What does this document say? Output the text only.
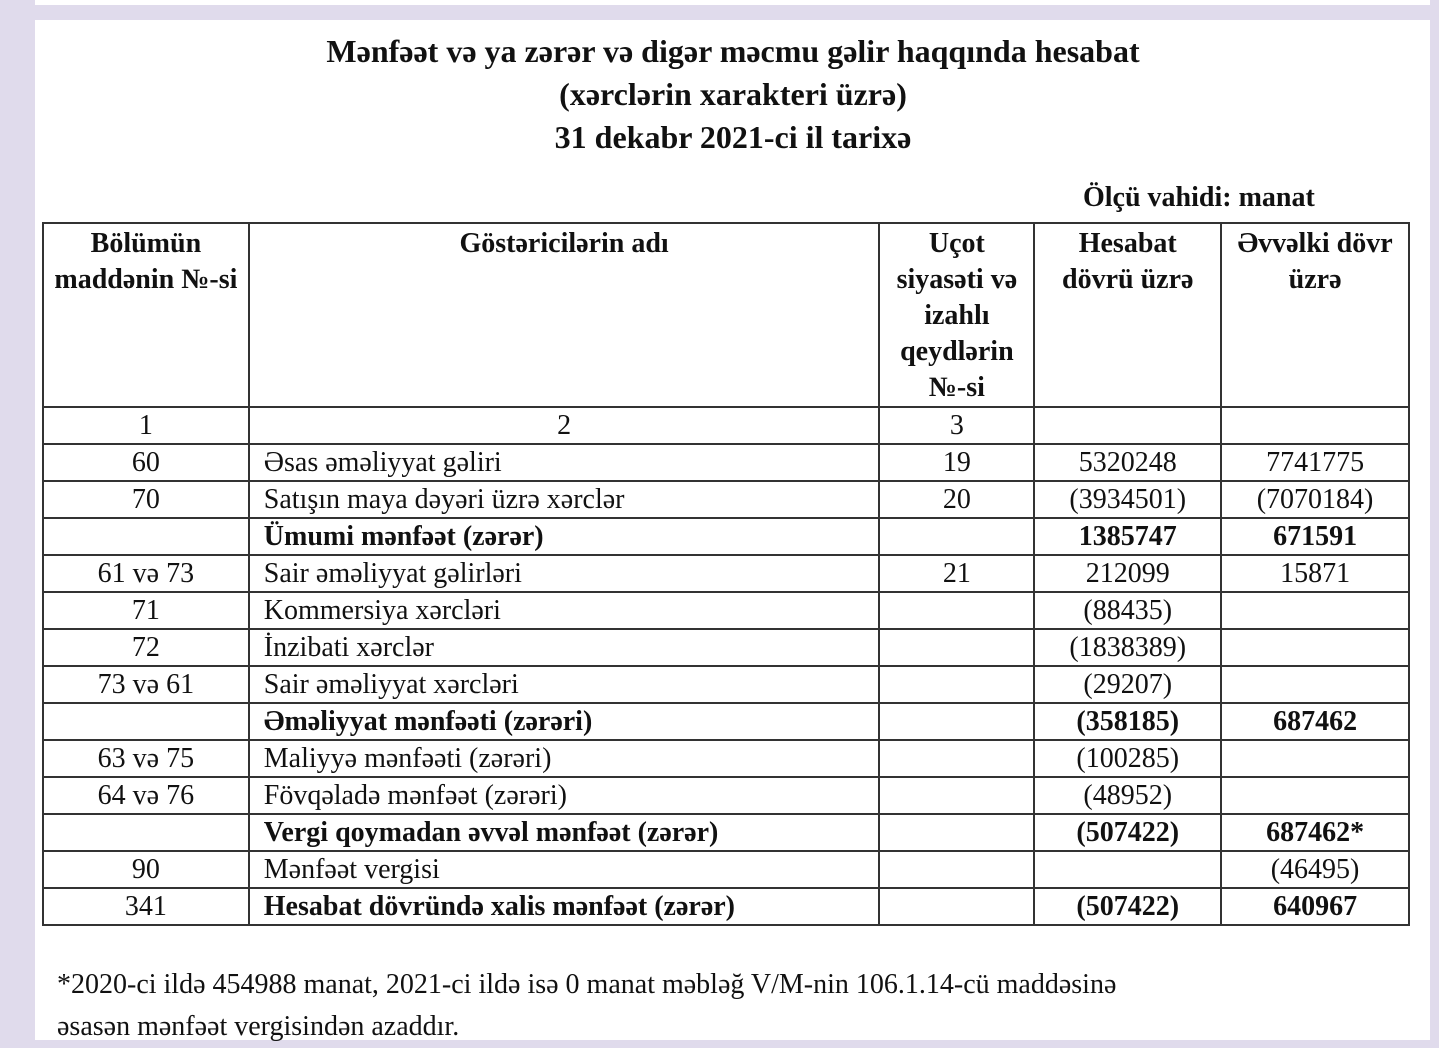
Mənfəət və ya zərər və digər məcmu gəlir haqqında hesabat
(xərclərin xarakteri üzrə)
31 dekabr 2021-ci il tarixə
Ölçü vahidi: manat
Bölümün maddənin №-si	Göstəricilərin adı	Uçot siyasəti və izahlı qeydlərin №-si	Hesabat dövrü üzrə	Əvvəlki dövr üzrə
1	2	3		
60	Əsas əməliyyat gəliri	19	5320248	7741775
70	Satışın maya dəyəri üzrə xərclər	20	(3934501)	(7070184)
	Ümumi mənfəət (zərər)		1385747	671591
61 və 73	Sair əməliyyat gəlirləri	21	212099	15871
71	Kommersiya xərcləri		(88435)	
72	İnzibati xərclər		(1838389)	
73 və 61	Sair əməliyyat xərcləri		(29207)	
	Əməliyyat mənfəəti (zərəri)		(358185)	687462
63 və 75	Maliyyə mənfəəti (zərəri)		(100285)	
64 və 76	Fövqəladə mənfəət (zərəri)		(48952)	
	Vergi qoymadan əvvəl mənfəət (zərər)		(507422)	687462*
90	Mənfəət vergisi			(46495)
341	Hesabat dövründə xalis mənfəət (zərər)		(507422)	640967
*2020-ci ildə 454988 manat, 2021-ci ildə isə 0 manat məbləğ V/M-nin 106.1.14-cü maddəsinə
əsasən mənfəət vergisindən azaddır.
